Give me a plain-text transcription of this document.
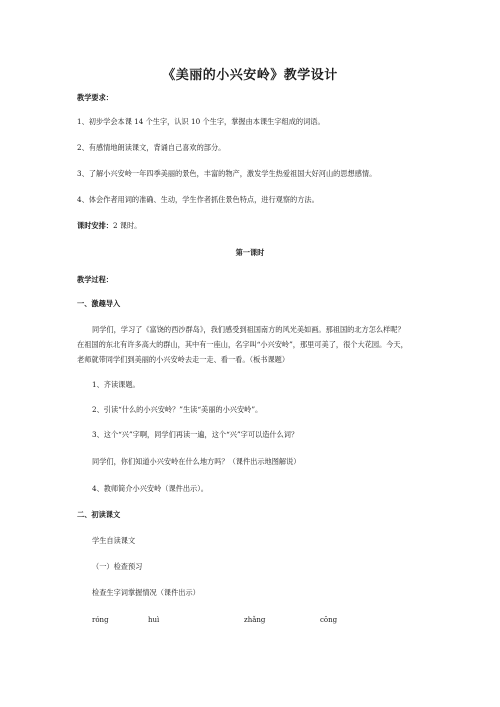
《美丽的小兴安岭》教学设计
教学要求：
1、初步学会本课 14 个生字，认识 10 个生字，掌握由本课生字组成的词语。
2、有感情地朗读课文，背诵自己喜欢的部分。
3、了解小兴安岭一年四季美丽的景色，丰富的物产，激发学生热爱祖国大好河山的思想感情。
4、体会作者用词的准确、生动，学生作者抓住景色特点，进行观察的方法。
课时安排：2 课时。
第一课时
教学过程：
一、激趣导入
同学们，学习了《富饶的西沙群岛》，我们感受到祖国南方的风光美如画。那祖国的北方怎么样呢？
在祖国的东北有许多高大的群山，其中有一座山，名字叫“小兴安岭”，那里可美了，很个大花园。今天，
老师就带同学们到美丽的小兴安岭去走一走、看一看。（板书课题）
1、齐读课题。
2、引读“什么的小兴安岭？”生读“美丽的小兴安岭”。
3、这个“兴”字啊，同学们再读一遍，这个“兴”字可以造什么词？
同学们，你们知道小兴安岭在什么地方吗？（课件出示地图解说）
4、教师简介小兴安岭（课件出示）。
二、初读课文
学生自读课文
（一）检查预习
检查生字词掌握情况（课件出示）
róng	huì	zhǎng	cōng
